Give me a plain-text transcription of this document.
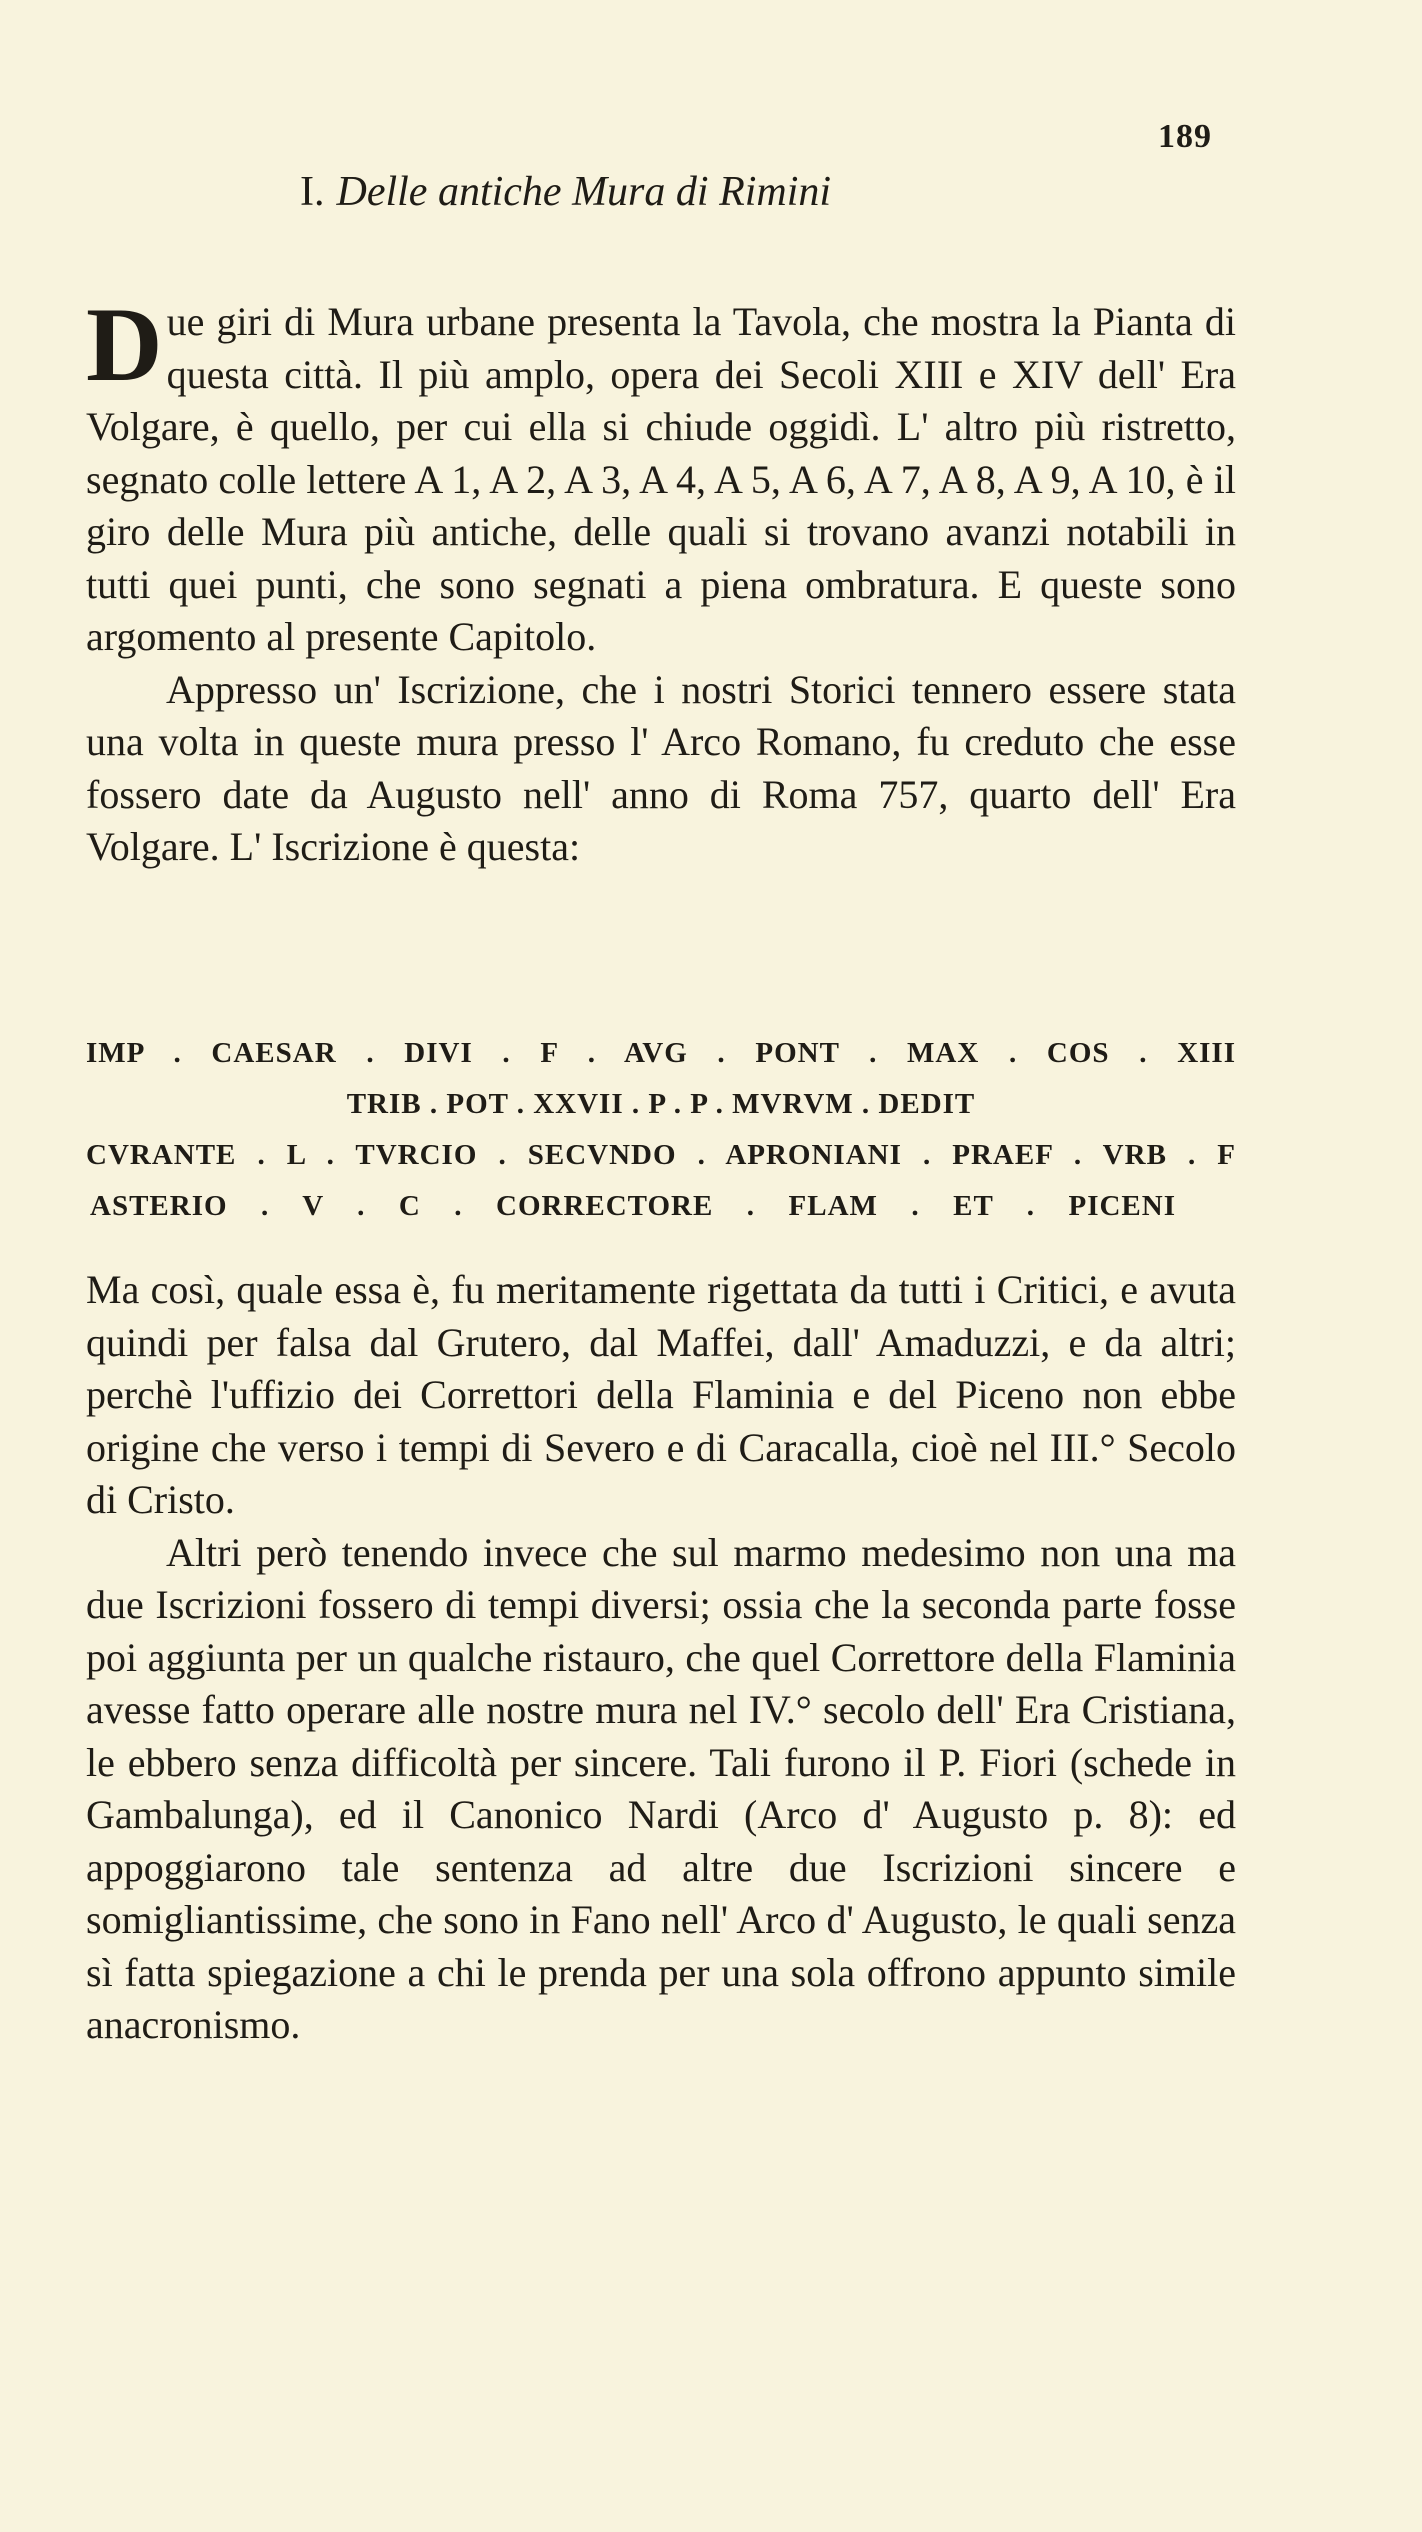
189
I. Delle antiche Mura di Rimini

Due giri di Mura urbane presenta la Tavola, che mostra la Pianta di questa città. Il più amplo, opera dei Secoli XIII e XIV dell' Era Volgare, è quello, per cui ella si chiude oggidì. L' altro più ristretto, segnato colle lettere A 1, A 2, A 3, A 4, A 5, A 6, A 7, A 8, A 9, A 10, è il giro delle Mura più antiche, delle quali si trovano avanzi notabili in tutti quei punti, che sono segnati a piena ombratura. E queste sono argomento al presente Capitolo.

Appresso un' Iscrizione, che i nostri Storici tennero essere stata una volta in queste mura presso l' Arco Romano, fu creduto che esse fossero date da Augusto nell' anno di Roma 757, quarto dell' Era Volgare. L' Iscrizione è questa:

IMP . CAESAR . DIVI . F . AVG . PONT . MAX . COS . XIII
TRIB . POT . XXVII . P . P . MVRVM . DEDIT
CVRANTE . L . TVRCIO . SECVNDO . APRONIANI . PRAEF . VRB . F
ASTERIO . V . C . CORRECTORE . FLAM . ET . PICENI

Ma così, quale essa è, fu meritamente rigettata da tutti i Critici, e avuta quindi per falsa dal Grutero, dal Maffei, dall' Amaduzzi, e da altri; perchè l'uffizio dei Correttori della Flaminia e del Piceno non ebbe origine che verso i tempi di Severo e di Caracalla, cioè nel III.° Secolo di Cristo.

Altri però tenendo invece che sul marmo medesimo non una ma due Iscrizioni fossero di tempi diversi; ossia che la seconda parte fosse poi aggiunta per un qualche ristauro, che quel Correttore della Flaminia avesse fatto operare alle nostre mura nel IV.° secolo dell' Era Cristiana, le ebbero senza difficoltà per sincere. Tali furono il P. Fiori (schede in Gambalunga), ed il Canonico Nardi (Arco d' Augusto p. 8): ed appoggiarono tale sentenza ad altre due Iscrizioni sincere e somigliantissime, che sono in Fano nell' Arco d' Augusto, le quali senza sì fatta spiegazione a chi le prenda per una sola offrono appunto simile anacronismo.
